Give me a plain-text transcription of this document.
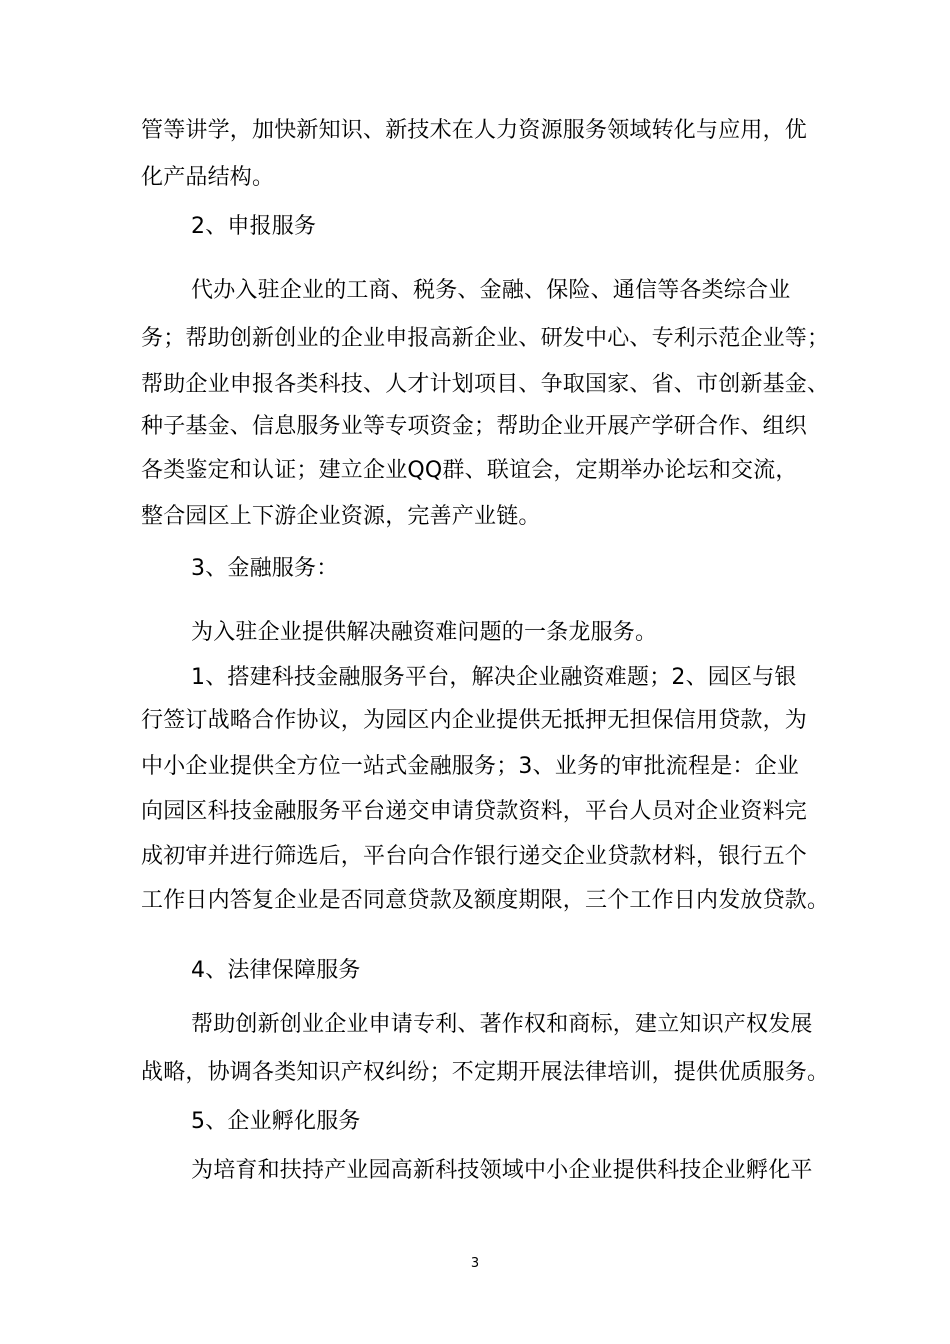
管等讲学，加快新知识、新技术在人力资源服务领域转化与应用，优
化产品结构。
2、申报服务
代办入驻企业的工商、税务、金融、保险、通信等各类综合业
务；帮助创新创业的企业申报高新企业、研发中心、专利示范企业等；
帮助企业申报各类科技、人才计划项目、争取国家、省、市创新基金、
种子基金、信息服务业等专项资金；帮助企业开展产学研合作、组织
各类鉴定和认证；建立企业QQ群、联谊会，定期举办论坛和交流，
整合园区上下游企业资源，完善产业链。
3、金融服务：
为入驻企业提供解决融资难问题的一条龙服务。
1、搭建科技金融服务平台，解决企业融资难题；2、园区与银
行签订战略合作协议，为园区内企业提供无抵押无担保信用贷款，为
中小企业提供全方位一站式金融服务；3、业务的审批流程是：企业
向园区科技金融服务平台递交申请贷款资料，平台人员对企业资料完
成初审并进行筛选后，平台向合作银行递交企业贷款材料，银行五个
工作日内答复企业是否同意贷款及额度期限，三个工作日内发放贷款。
4、法律保障服务
帮助创新创业企业申请专利、著作权和商标，建立知识产权发展
战略，协调各类知识产权纠纷；不定期开展法律培训，提供优质服务。
5、企业孵化服务
为培育和扶持产业园高新科技领域中小企业提供科技企业孵化平
3
